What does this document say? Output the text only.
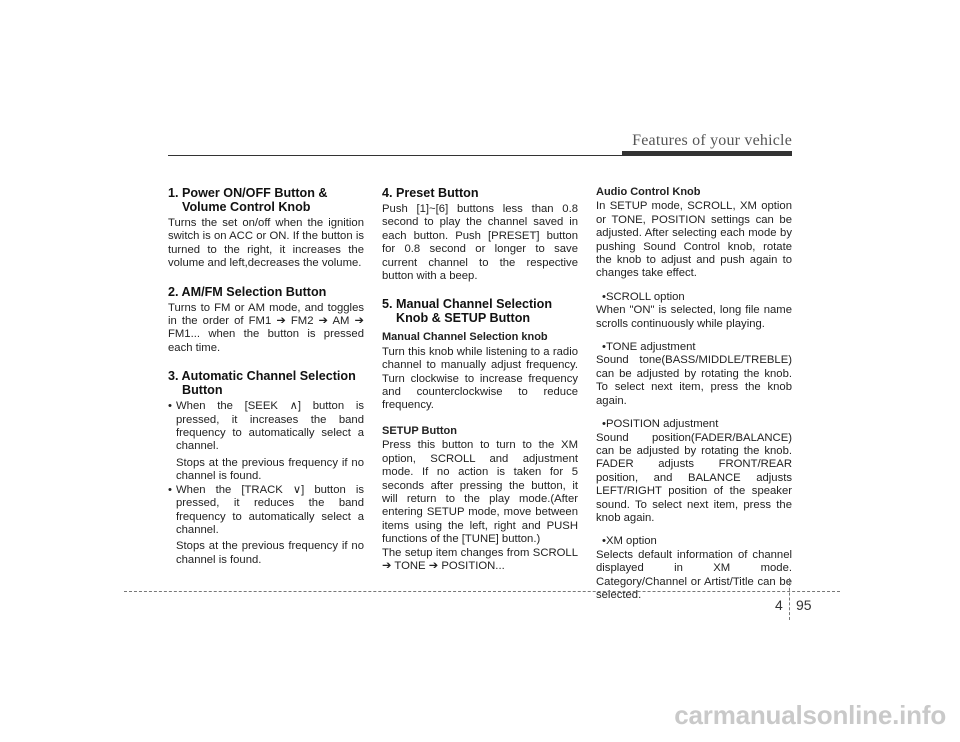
Features of your vehicle
1. Power ON/OFF Button & Volume Control Knob

Turns the set on/off when the ignition switch is on ACC or ON. If the button is turned to the right, it increases the volume and left,decreases the volume.

2. AM/FM Selection Button

Turns to FM or AM mode, and toggles in the order of FM1 ➔ FM2 ➔ AM ➔ FM1... when the button is pressed each time.

3. Automatic Channel Selection Button
• When the [SEEK ∧] button is pressed, it increases the band frequency to automatically select a channel.

Stops at the previous frequency if no channel is found.

• When the [TRACK ∨] button is pressed, it reduces the band frequency to automatically select a channel.

Stops at the previous frequency if no channel is found.

4. Preset Button

Push [1]~[6] buttons less than 0.8 second to play the channel saved in each button. Push [PRESET] button for 0.8 second or longer to save current channel to the respective button with a beep.

5. Manual Channel Selection Knob & SETUP Button
Manual Channel Selection knob

Turn this knob while listening to a radio channel to manually adjust frequency. Turn clockwise to increase frequency and counterclockwise to reduce frequency.

SETUP Button

Press this button to turn to the XM option, SCROLL and adjustment mode. If no action is taken for 5 seconds after pressing the button, it will return to the play mode.(After entering SETUP mode, move between items using the left, right and PUSH functions of the [TUNE] button.)

The setup item changes from SCROLL ➔ TONE ➔ POSITION...

Audio Control Knob

In SETUP mode, SCROLL, XM option or TONE, POSITION settings can be adjusted. After selecting each mode by pushing Sound Control knob, rotate the knob to adjust and push again to changes take effect.

• SCROLL option

When "ON" is selected, long file name scrolls continuously while playing.

• TONE adjustment

Sound tone(BASS/MIDDLE/TREBLE) can be adjusted by rotating the knob. To select next item, press the knob again.

• POSITION adjustment

Sound position(FADER/BALANCE) can be adjusted by rotating the knob. FADER adjusts FRONT/REAR position, and BALANCE adjusts LEFT/RIGHT position of the speaker sound. To select next item, press the knob again.

• XM option

Selects default information of channel displayed in XM mode. Category/Channel or Artist/Title can be selected.

4 95
carmanualsonline.info
